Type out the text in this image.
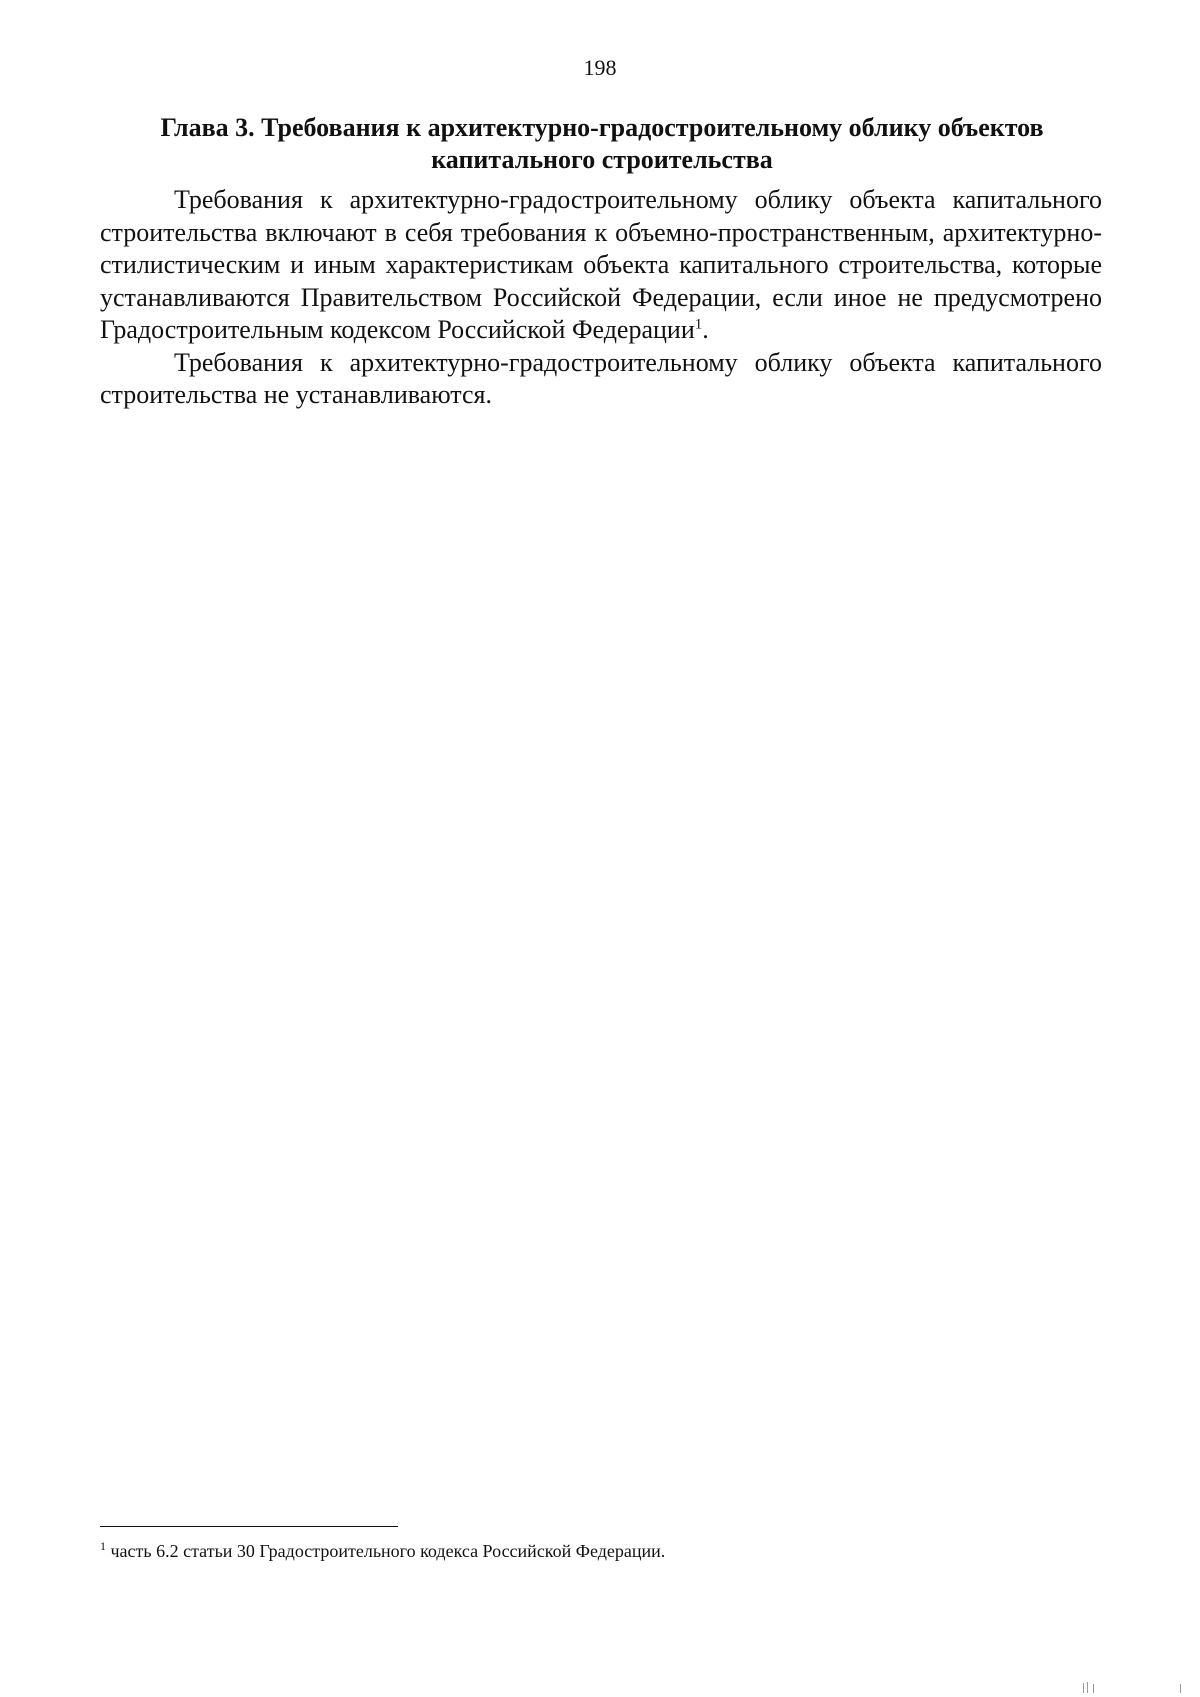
198
Глава 3. Требования к архитектурно-градостроительному облику объектов капитального строительства

Требования к архитектурно-градостроительному облику объекта капитального строительства включают в себя требования к объемно-пространственным, архитектурно-стилистическим и иным характеристикам объекта капитального строительства, которые устанавливаются Правительством Российской Федерации, если иное не предусмотрено Градостроительным кодексом Российской Федерации$^1$.

Требования к архитектурно-градостроительному облику объекта капитального строительства не устанавливаются.

$^1$ часть 6.2 статьи 30 Градостроительного кодекса Российской Федерации.
